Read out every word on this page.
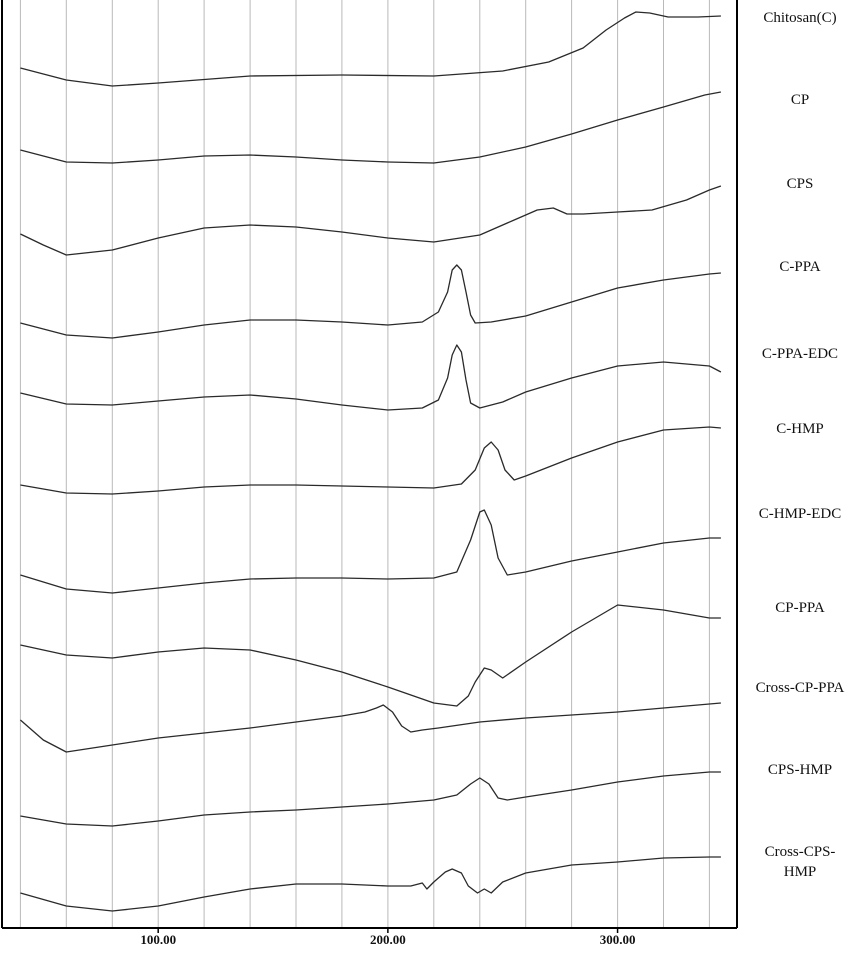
100.00	200.00	300.00
Chitosan(C)
CP
CPS
C-PPA
C-PPA-EDC
C-HMP
C-HMP-EDC
CP-PPA
Cross-CP-PPA
CPS-HMP
Cross-CPS-HMP
